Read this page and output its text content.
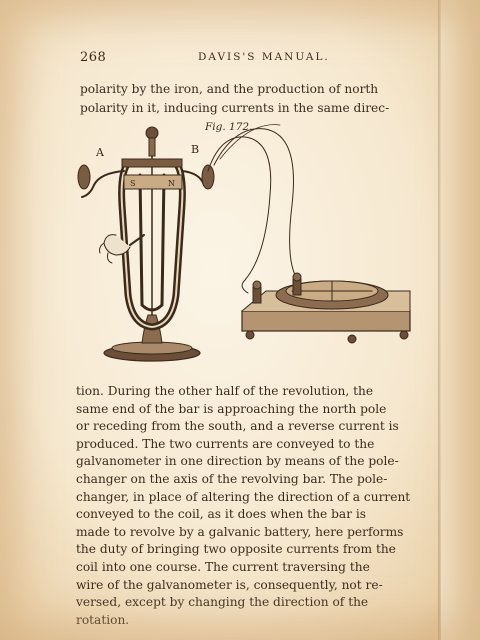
268	DAVIS'S MANUAL.
polarity by the iron, and the production of north
polarity in it, inducing currents in the same direc-
S	N
Fig. 172.
A	B
tion. During the other half of the revolution, the
same end of the bar is approaching the north pole
or receding from the south, and a reverse current is
produced. The two currents are conveyed to the
galvanometer in one direction by means of the pole-
changer on the axis of the revolving bar. The pole-
changer, in place of altering the direction of a current
conveyed to the coil, as it does when the bar is
made to revolve by a galvanic battery, here performs
the duty of bringing two opposite currents from the
coil into one course. The current traversing the
wire of the galvanometer is, consequently, not re-
versed, except by changing the direction of the
rotation.
